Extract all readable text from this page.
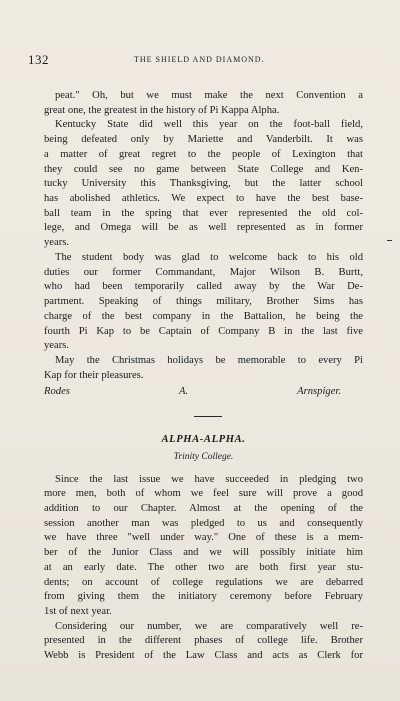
132	THE SHIELD AND DIAMOND.
peat." Oh, but we must make the next Convention a
great one, the greatest in the history of Pi Kappa Alpha.
Kentucky State did well this year on the foot-ball field,
being defeated only by Mariette and Vanderbilt. It was
a matter of great regret to the people of Lexington that
they could see no game between State College and Ken-
tucky University this Thanksgiving, but the latter school
has abolished athletics. We expect to have the best base-
ball team in the spring that ever represented the old col-
lege, and Omega will be as well represented as in former
years.
The student body was glad to welcome back to his old
duties our former Commandant, Major Wilson B. Burtt,
who had been temporarily called away by the War De-
partment. Speaking of things military, Brother Sims has
charge of the best company in the Battalion, he being the
fourth Pi Kap to be Captain of Company B in the last five
years.
May the Christmas holidays be memorable to every Pi
Kap for their pleasures.
Rodes A. Arnspiger.
ALPHA-ALPHA.
Trinity College.
Since the last issue we have succeeded in pledging two
more men, both of whom we feel sure will prove a good
addition to our Chapter. Almost at the opening of the
session another man was pledged to us and consequently
we have three "well under way." One of these is a mem-
ber of the Junior Class and we will possibly initiate him
at an early date. The other two are both first year stu-
dents; on account of college regulations we are debarred
from giving them the initiatory ceremony before February
1st of next year.
Considering our number, we are comparatively well re-
presented in the different phases of college life. Brother
Webb is President of the Law Class and acts as Clerk for
